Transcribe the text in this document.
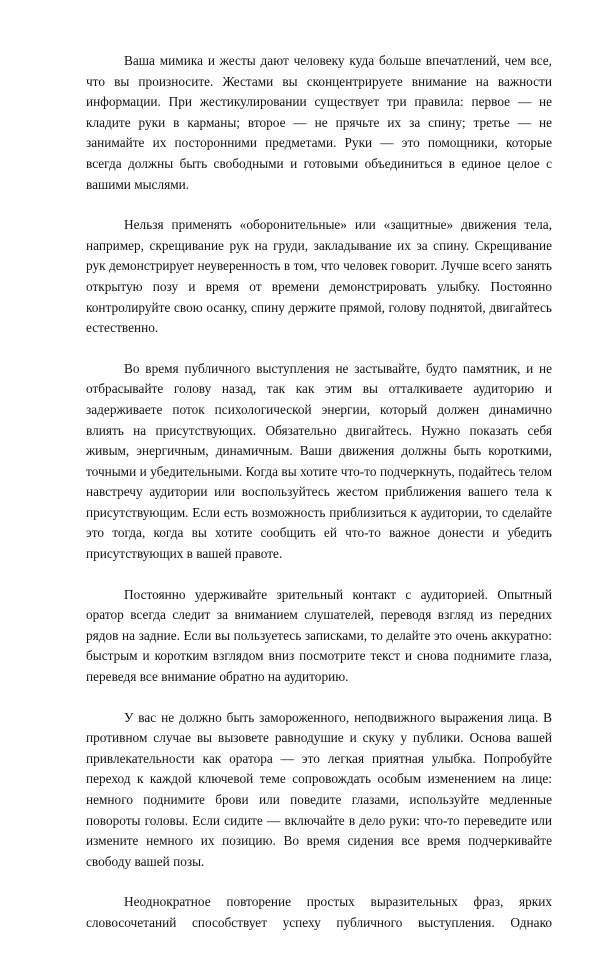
Ваша мимика и жесты дают человеку куда больше впечатлений, чем все, что вы произносите. Жестами вы сконцентрируете внимание на важности информации. При жестикулировании существует три правила: первое — не кладите руки в карманы; второе — не прячьте их за спину; третье — не занимайте их посторонними предметами. Руки — это помощники, которые всегда должны быть свободными и готовыми объединиться в единое целое с вашими мыслями.

Нельзя применять «оборонительные» или «защитные» движения тела, например, скрещивание рук на груди, закладывание их за спину. Скрещивание рук демонстрирует неуверенность в том, что человек говорит. Лучше всего занять открытую позу и время от времени демонстрировать улыбку. Постоянно контролируйте свою осанку, спину держите прямой, голову поднятой, двигайтесь естественно.

Во время публичного выступления не застывайте, будто памятник, и не отбрасывайте голову назад, так как этим вы отталкиваете аудиторию и задерживаете поток психологической энергии, который должен динамично влиять на присутствующих. Обязательно двигайтесь. Нужно показать себя живым, энергичным, динамичным. Ваши движения должны быть короткими, точными и убедительными. Когда вы хотите что-то подчеркнуть, подайтесь телом навстречу аудитории или воспользуйтесь жестом приближения вашего тела к присутствующим. Если есть возможность приблизиться к аудитории, то сделайте это тогда, когда вы хотите сообщить ей что-то важное донести и убедить присутствующих в вашей правоте.

Постоянно удерживайте зрительный контакт с аудиторией. Опытный оратор всегда следит за вниманием слушателей, переводя взгляд из передних рядов на задние. Если вы пользуетесь записками, то делайте это очень аккуратно: быстрым и коротким взглядом вниз посмотрите текст и снова поднимите глаза, переведя все внимание обратно на аудиторию.

У вас не должно быть замороженного, неподвижного выражения лица. В противном случае вы вызовете равнодушие и скуку у публики. Основа вашей привлекательности как оратора — это легкая приятная улыбка. Попробуйте переход к каждой ключевой теме сопровождать особым изменением на лице: немного поднимите брови или поведите глазами, используйте медленные повороты головы. Если сидите — включайте в дело руки: что-то переведите или измените немного их позицию. Во время сидения все время подчеркивайте свободу вашей позы.

Неоднократное повторение простых выразительных фраз, ярких словосочетаний способствует успеху публичного выступления. Однако
